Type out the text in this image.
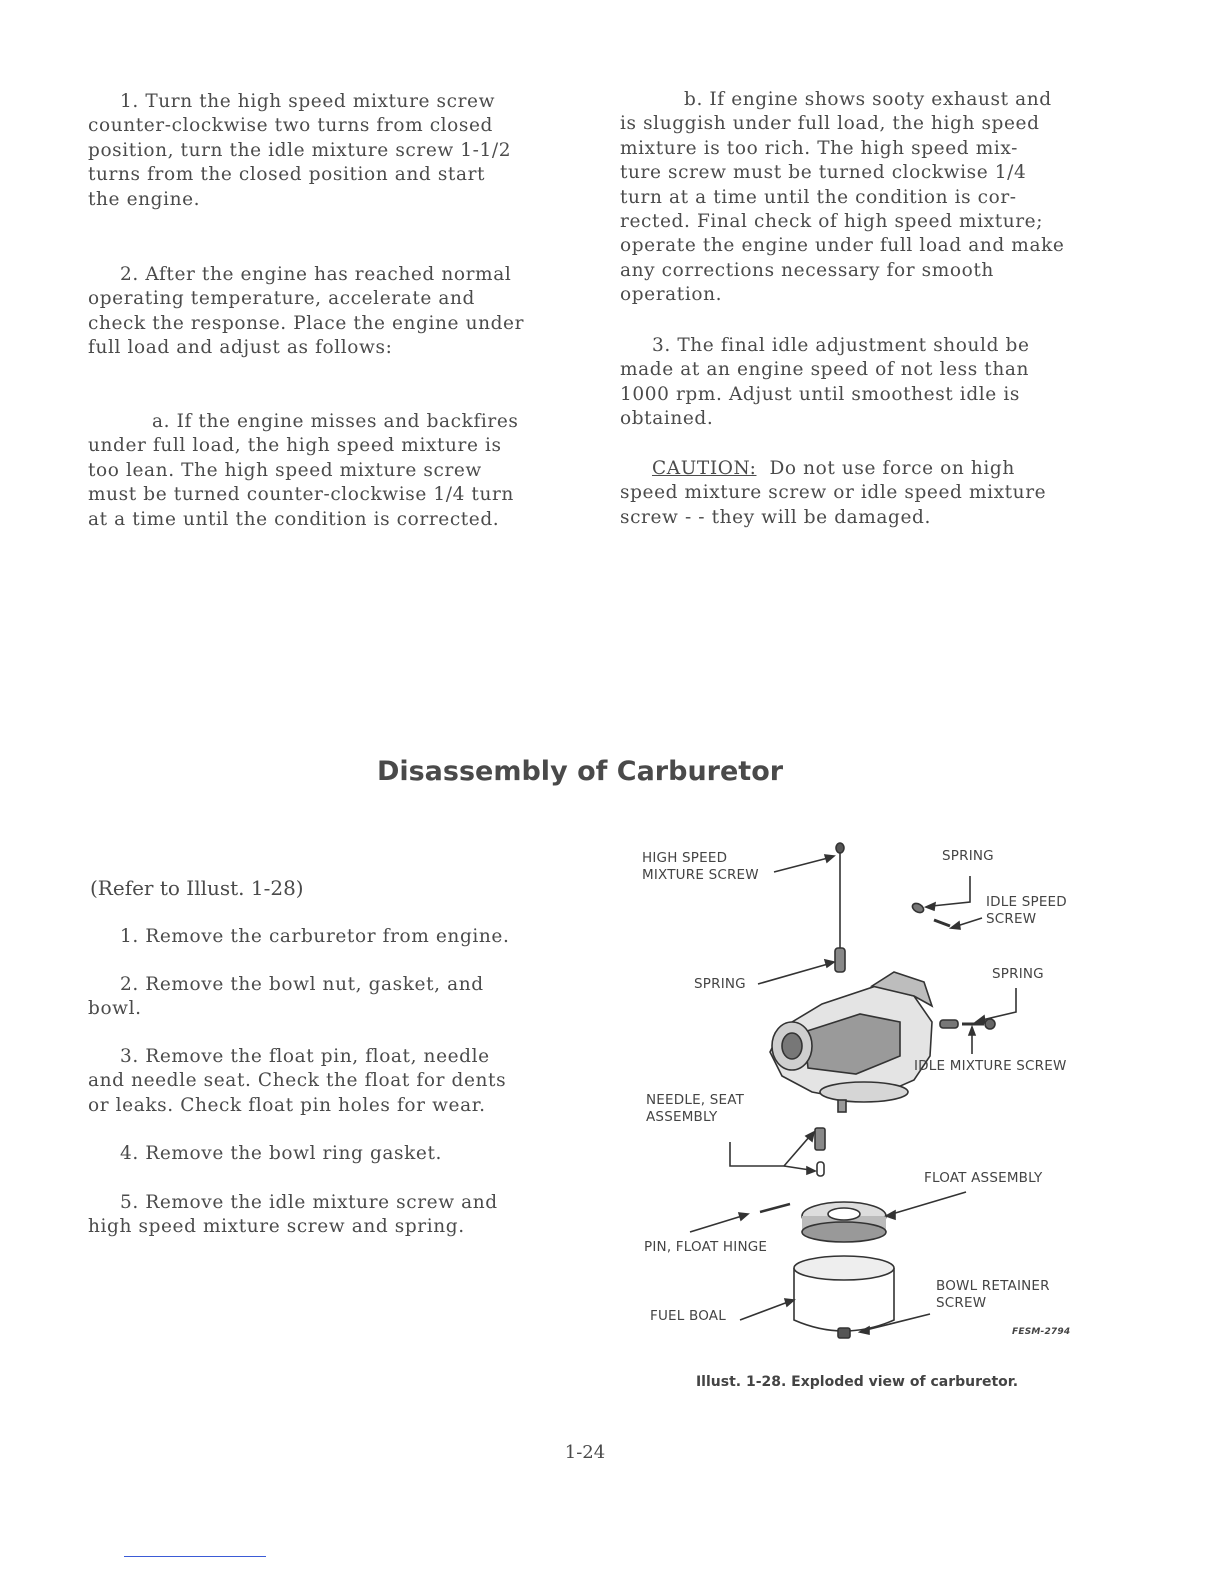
1. Turn the high speed mixture screw
counter-clockwise two turns from closed
position, turn the idle mixture screw 1-1/2
turns from the closed position and start
the engine.

2. After the engine has reached normal
operating temperature, accelerate and
check the response. Place the engine under
full load and adjust as follows:

a. If the engine misses and backfires
under full load, the high speed mixture is
too lean. The high speed mixture screw
must be turned counter-clockwise 1/4 turn
at a time until the condition is corrected.

b. If engine shows sooty exhaust and
is sluggish under full load, the high speed
mixture is too rich. The high speed mix-
ture screw must be turned clockwise 1/4
turn at a time until the condition is cor-
rected. Final check of high speed mixture;
operate the engine under full load and make
any corrections necessary for smooth
operation.

3. The final idle adjustment should be
made at an engine speed of not less than
1000 rpm. Adjust until smoothest idle is
obtained.

CAUTION:  Do not use force on high
speed mixture screw or idle speed mixture
screw - - they will be damaged.

Disassembly of Carburetor

(Refer to Illust. 1-28)

1. Remove the carburetor from engine.

2. Remove the bowl nut, gasket, and
bowl.

3. Remove the float pin, float, needle
and needle seat. Check the float for dents
or leaks. Check float pin holes for wear.

4. Remove the bowl ring gasket.

5. Remove the idle mixture screw and
high speed mixture screw and spring.

HIGH SPEED
MIXTURE SCREW

SPRING

IDLE SPEED
SCREW

SPRING

SPRING

IDLE MIXTURE SCREW

NEEDLE, SEAT
ASSEMBLY

FLOAT ASSEMBLY

PIN, FLOAT HINGE

BOWL RETAINER
SCREW

FUEL BOAL

FESM-2794

Illust. 1-28. Exploded view of carburetor.

1-24
